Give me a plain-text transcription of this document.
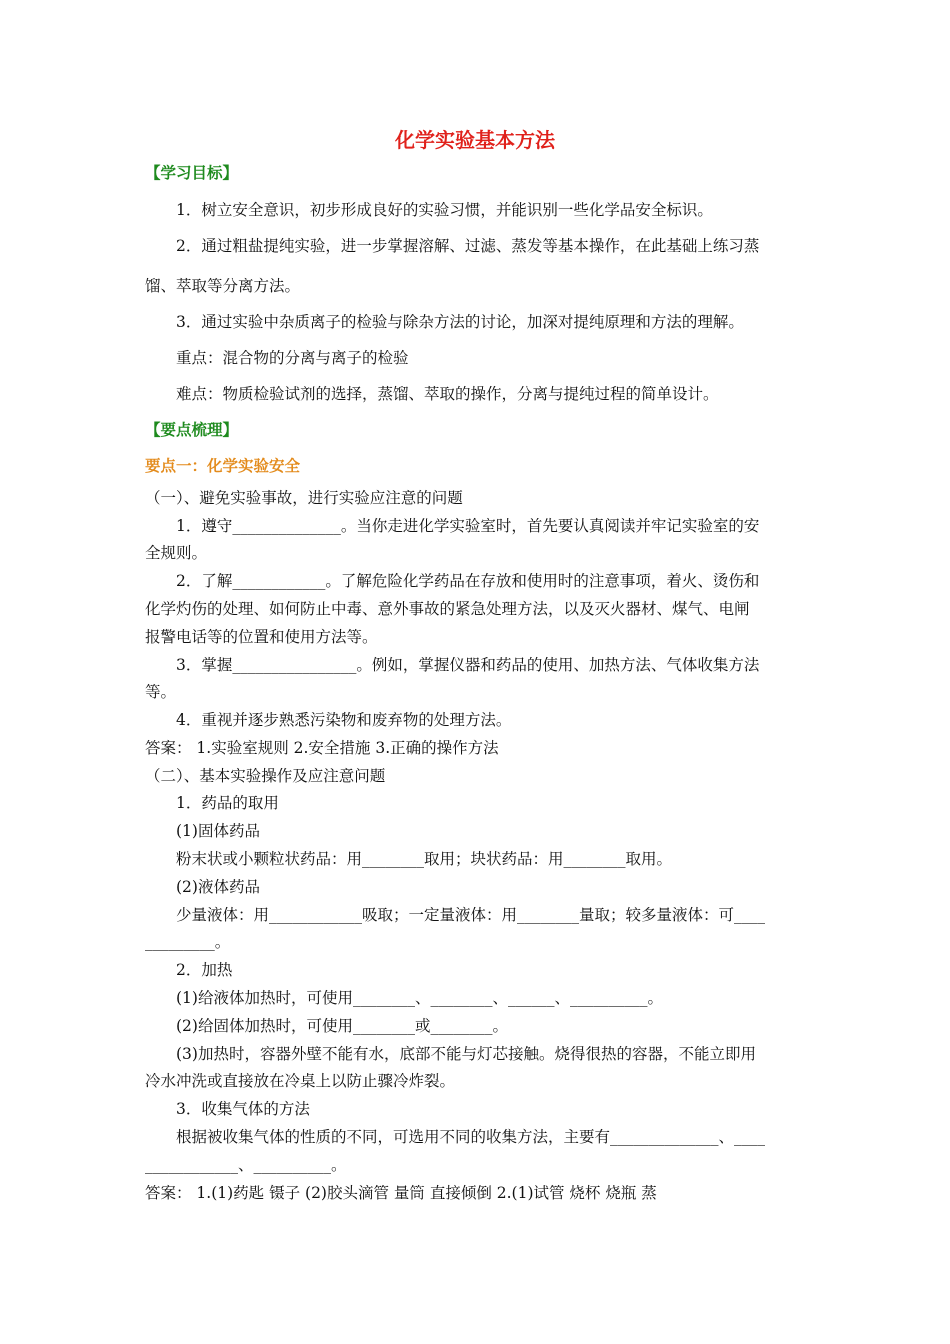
化学实验基本方法
【学习目标】
1．树立安全意识，初步形成良好的实验习惯，并能识别一些化学品安全标识。
2．通过粗盐提纯实验，进一步掌握溶解、过滤、蒸发等基本操作，在此基础上练习蒸
馏、萃取等分离方法。
3．通过实验中杂质离子的检验与除杂方法的讨论，加深对提纯原理和方法的理解。
重点：混合物的分离与离子的检验
难点：物质检验试剂的选择，蒸馏、萃取的操作，分离与提纯过程的简单设计。
【要点梳理】
要点一：化学实验安全
（一）、避免实验事故，进行实验应注意的问题
1．遵守______________。当你走进化学实验室时，首先要认真阅读并牢记实验室的安
全规则。
2．了解____________。了解危险化学药品在存放和使用时的注意事项，着火、烫伤和
化学灼伤的处理、如何防止中毒、意外事故的紧急处理方法，以及灭火器材、煤气、电闸
报警电话等的位置和使用方法等。
3．掌握________________。例如，掌握仪器和药品的使用、加热方法、气体收集方法
等。
4．重视并逐步熟悉污染物和废弃物的处理方法。
答案： 1.实验室规则 2.安全措施 3.正确的操作方法
（二）、基本实验操作及应注意问题
1．药品的取用
(1)固体药品
粉末状或小颗粒状药品：用________取用；块状药品：用________取用。
(2)液体药品
少量液体：用____________吸取；一定量液体：用________量取；较多量液体：可____
_________。
2．加热
(1)给液体加热时，可使用________、________、______、__________。
(2)给固体加热时，可使用________或________。
(3)加热时，容器外壁不能有水，底部不能与灯芯接触。烧得很热的容器，不能立即用
冷水冲洗或直接放在冷桌上以防止骤冷炸裂。
3．收集气体的方法
根据被收集气体的性质的不同，可选用不同的收集方法，主要有______________、____
____________、__________。
答案： 1.(1)药匙 镊子 (2)胶头滴管 量筒 直接倾倒 2.(1)试管 烧杯 烧瓶 蒸
